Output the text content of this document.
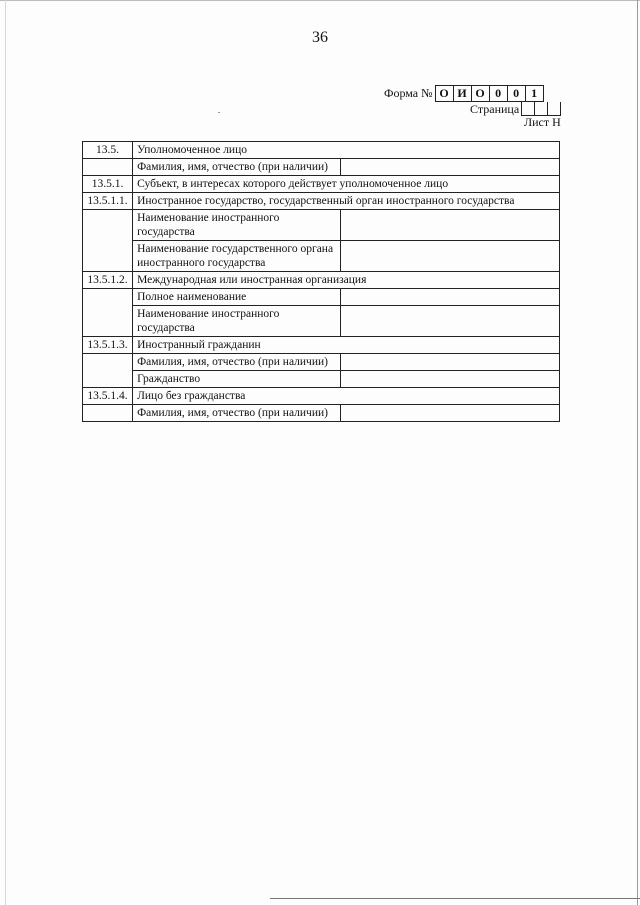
36
Форма № О И О 0	0	1
Страница
Лист Н
13.5.	Уполномоченное лицо	
	Фамилия, имя, отчество (при наличии)	
13.5.1.	Субъект, в интересах которого действует уполномоченное лицо	
13.5.1.1.	Иностранное государство, государственный орган иностранного государства	
	Наименование иностранного государства	
	Наименование государственного органа иностранного государства	
13.5.1.2.	Международная или иностранная организация	
	Полное наименование	
	Наименование иностранного государства	
13.5.1.3.	Иностранный гражданин	
	Фамилия, имя, отчество (при наличии)	
	Гражданство	
13.5.1.4.	Лицо без гражданства	
	Фамилия, имя, отчество (при наличии)	
